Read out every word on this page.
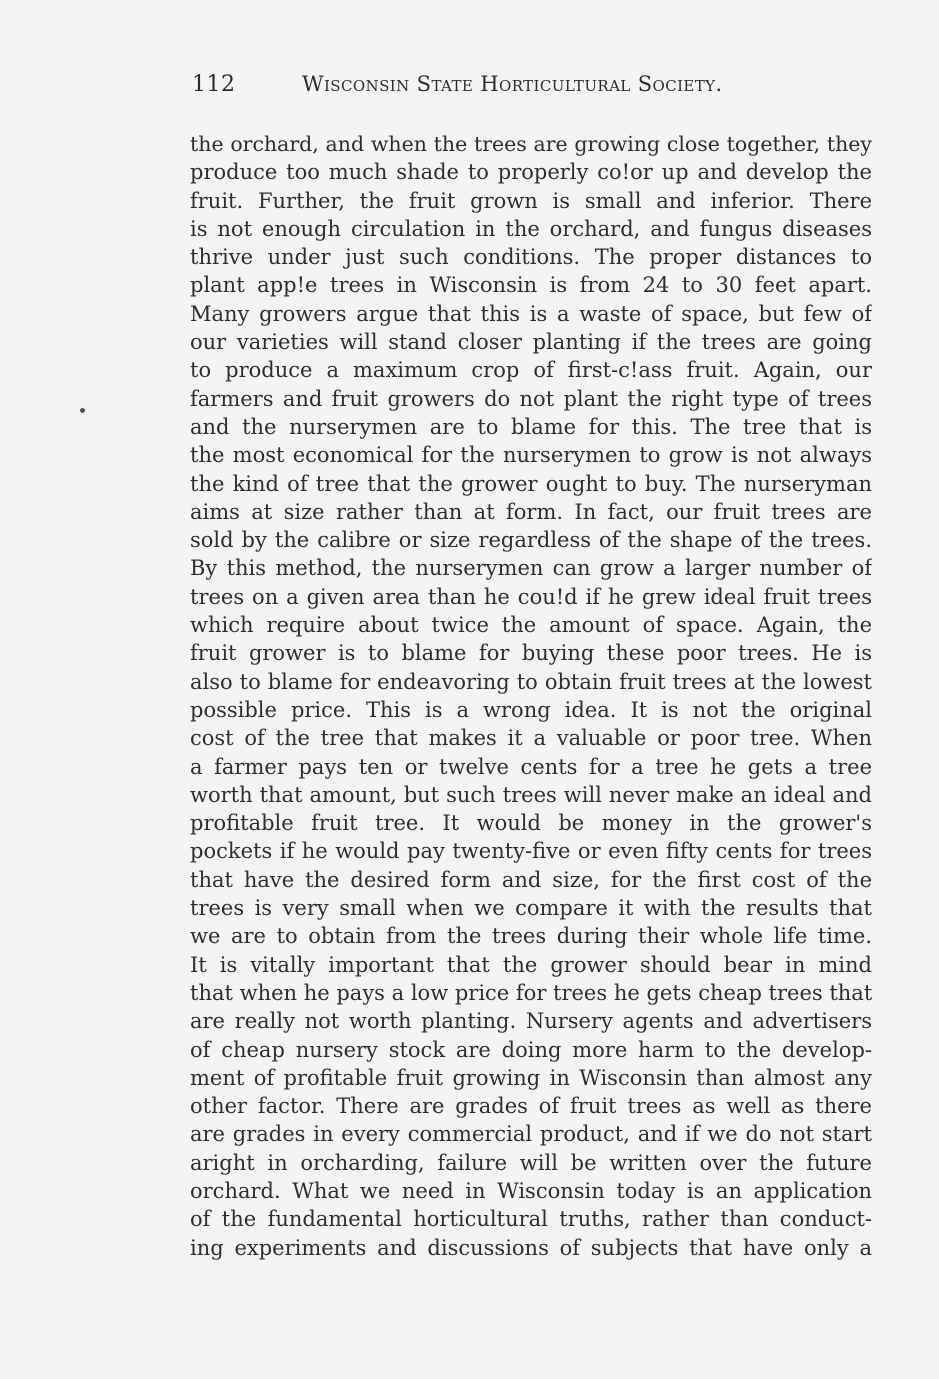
112	Wisconsin State Horticultural Society.
the orchard, and when the trees are growing close together, they
produce too much shade to properly co!or up and develop the
fruit. Further, the fruit grown is small and inferior. There
is not enough circulation in the orchard, and fungus diseases
thrive under just such conditions. The proper distances to
plant app!e trees in Wisconsin is from 24 to 30 feet apart.
Many growers argue that this is a waste of space, but few of
our varieties will stand closer planting if the trees are going
to produce a maximum crop of first-c!ass fruit. Again, our
farmers and fruit growers do not plant the right type of trees
and the nurserymen are to blame for this. The tree that is
the most economical for the nurserymen to grow is not always
the kind of tree that the grower ought to buy. The nurseryman
aims at size rather than at form. In fact, our fruit trees are
sold by the calibre or size regardless of the shape of the trees.
By this method, the nurserymen can grow a larger number of
trees on a given area than he cou!d if he grew ideal fruit trees
which require about twice the amount of space. Again, the
fruit grower is to blame for buying these poor trees. He is
also to blame for endeavoring to obtain fruit trees at the lowest
possible price. This is a wrong idea. It is not the original
cost of the tree that makes it a valuable or poor tree. When
a farmer pays ten or twelve cents for a tree he gets a tree
worth that amount, but such trees will never make an ideal and
profitable fruit tree. It would be money in the grower's
pockets if he would pay twenty-five or even fifty cents for trees
that have the desired form and size, for the first cost of the
trees is very small when we compare it with the results that
we are to obtain from the trees during their whole life time.
It is vitally important that the grower should bear in mind
that when he pays a low price for trees he gets cheap trees that
are really not worth planting. Nursery agents and advertisers
of cheap nursery stock are doing more harm to the develop-
ment of profitable fruit growing in Wisconsin than almost any
other factor. There are grades of fruit trees as well as there
are grades in every commercial product, and if we do not start
aright in orcharding, failure will be written over the future
orchard. What we need in Wisconsin today is an application
of the fundamental horticultural truths, rather than conduct-
ing experiments and discussions of subjects that have only a
